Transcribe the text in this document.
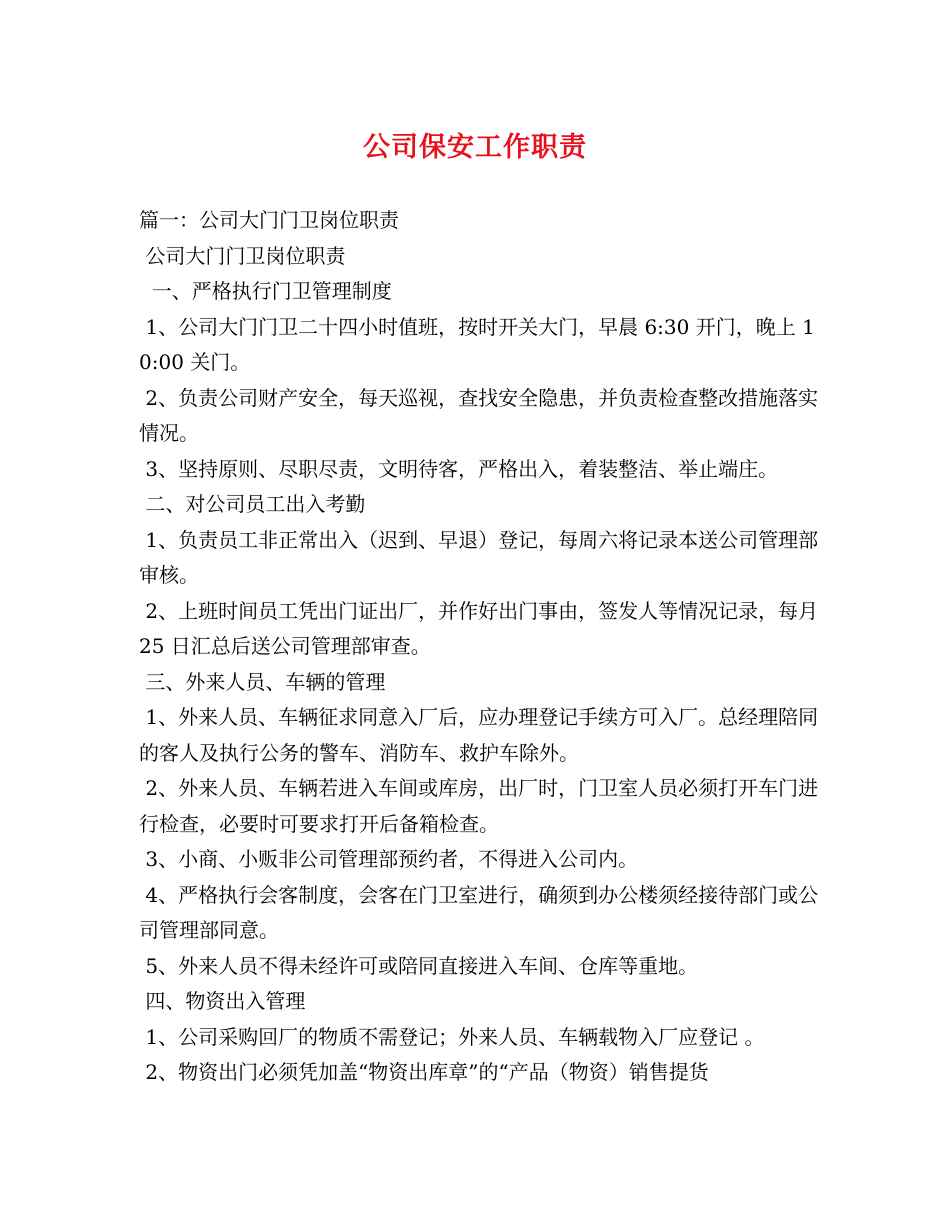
公司保安工作职责

篇一：公司大门门卫岗位职责

公司大门门卫岗位职责

一、严格执行门卫管理制度

1、公司大门门卫二十四小时值班，按时开关大门，早晨 6:30 开门，晚上 10:00 关门。

2、负责公司财产安全，每天巡视，查找安全隐患，并负责检查整改措施落实情况。

3、坚持原则、尽职尽责，文明待客，严格出入，着装整洁、举止端庄。

二、对公司员工出入考勤

1、负责员工非正常出入（迟到、早退）登记，每周六将记录本送公司管理部审核。

2、上班时间员工凭出门证出厂，并作好出门事由，签发人等情况记录，每月 25 日汇总后送公司管理部审查。

三、外来人员、车辆的管理

1、外来人员、车辆征求同意入厂后，应办理登记手续方可入厂。总经理陪同的客人及执行公务的警车、消防车、救护车除外。

2、外来人员、车辆若进入车间或库房，出厂时，门卫室人员必须打开车门进行检查，必要时可要求打开后备箱检查。

3、小商、小贩非公司管理部预约者，不得进入公司内。

4、严格执行会客制度，会客在门卫室进行，确须到办公楼须经接待部门或公司管理部同意。

5、外来人员不得未经许可或陪同直接进入车间、仓库等重地。

四、物资出入管理

1、公司采购回厂的物质不需登记；外来人员、车辆载物入厂应登记 。

2、物资出门必须凭加盖“物资出库章”的“产品（物资）销售提货
